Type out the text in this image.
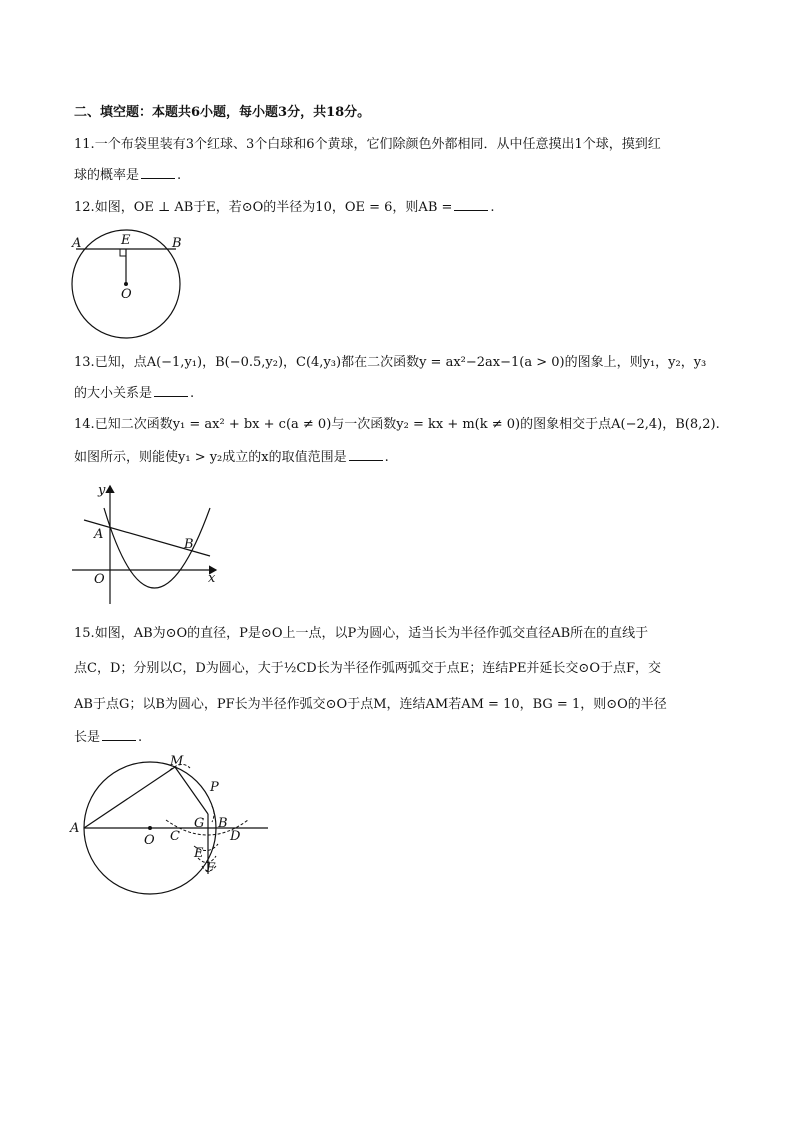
二、填空题：本题共6小题，每小题3分，共18分。
11.一个布袋里装有3个红球、3个白球和6个黄球，它们除颜色外都相同．从中任意摸出1个球，摸到红
球的概率是	.
12.如图，OE ⊥ AB于E，若⊙O的半径为10，OE = 6，则AB =	.
A	B
E
O
13.已知，点A(−1,y₁)，B(−0.5,y₂)，C(4,y₃)都在二次函数y = ax²−2ax−1(a > 0)的图象上，则y₁，y₂，y₃
的大小关系是	.
14.已知二次函数y₁ = ax² + bx + c(a ≠ 0)与一次函数y₂ = kx + m(k ≠ 0)的图象相交于点A(−2,4)，B(8,2).
如图所示，则能使y₁ > y₂成立的x的取值范围是	.
y
x
O
A
B
15.如图，AB为⊙O的直径，P是⊙O上一点，以P为圆心，适当长为半径作弧交直径AB所在的直线于
点C，D；分别以C，D为圆心，大于½CD长为半径作弧两弧交于点E；连结PE并延长交⊙O于点F，交
AB于点G；以B为圆心，PF长为半径作弧交⊙O于点M，连结AM若AM = 10，BG = 1，则⊙O的半径
长是	.
A
O C
G B
D
M
P
E
F
